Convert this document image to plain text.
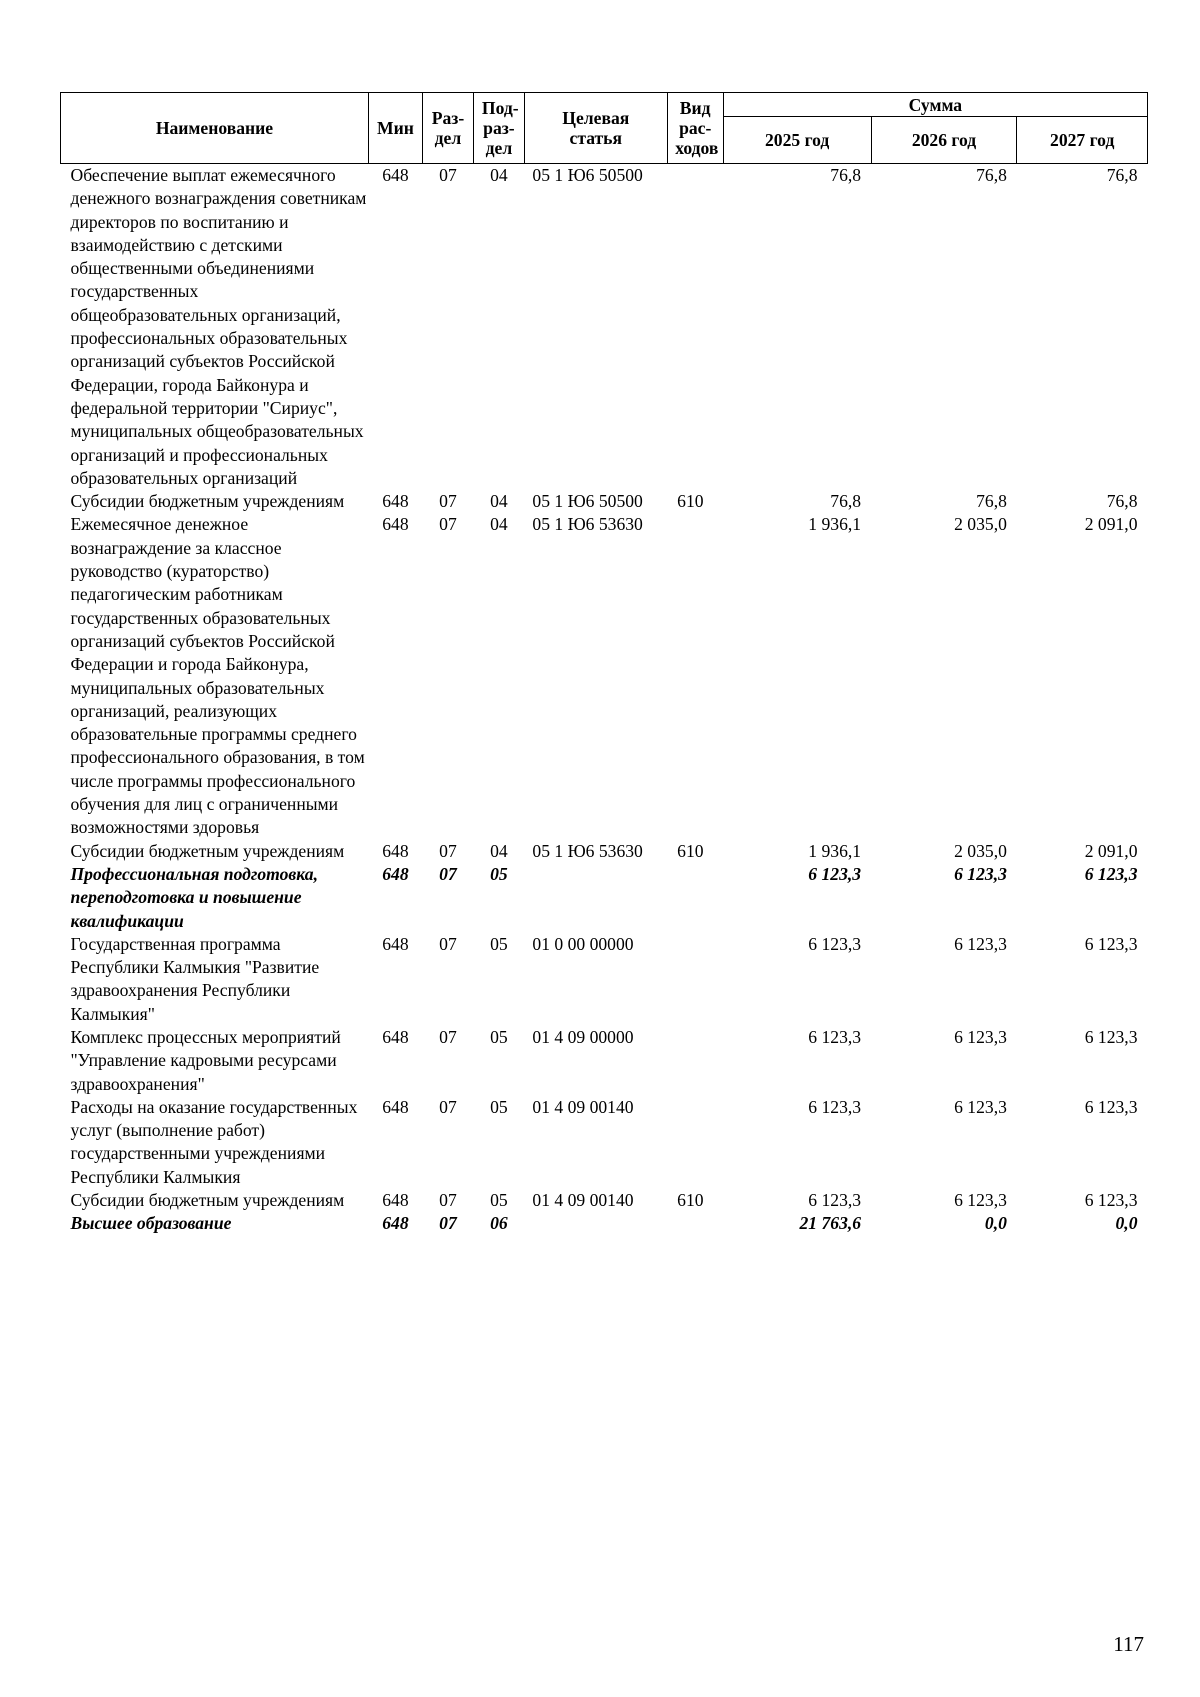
Наименование	Мин	Раз-дел	Под-раз-дел	Целевая статья	Вид рас-ходов	Сумма		
						2025 год	2026 год	2027 год
Обеспечение выплат ежемесячного денежного вознаграждения советникам директоров по воспитанию и взаимодействию с детскими общественными объединениями государственных общеобразовательных организаций, профессиональных образовательных организаций субъектов Российской Федерации, города Байконура и федеральной территории "Сириус", муниципальных общеобразовательных организаций и профессиональных образовательных организаций	648	07	04	05 1 Ю6 50500		76,8	76,8	76,8
Субсидии бюджетным учреждениям	648	07	04	05 1 Ю6 50500	610	76,8	76,8	76,8
Ежемесячное денежное вознаграждение за классное руководство (кураторство) педагогическим работникам государственных образовательных организаций субъектов Российской Федерации и города Байконура, муниципальных образовательных организаций, реализующих образовательные программы среднего профессионального образования, в том числе программы профессионального обучения для лиц с ограниченными возможностями здоровья	648	07	04	05 1 Ю6 53630		1 936,1	2 035,0	2 091,0
Субсидии бюджетным учреждениям	648	07	04	05 1 Ю6 53630	610	1 936,1	2 035,0	2 091,0
Профессиональная подготовка, переподготовка и повышение квалификации	648	07	05			6 123,3	6 123,3	6 123,3
Государственная программа Республики Калмыкия "Развитие здравоохранения Республики Калмыкия"	648	07	05	01 0 00 00000		6 123,3	6 123,3	6 123,3
Комплекс процессных мероприятий "Управление кадровыми ресурсами здравоохранения"	648	07	05	01 4 09 00000		6 123,3	6 123,3	6 123,3
Расходы на оказание государственных услуг (выполнение работ) государственными учреждениями Республики Калмыкия	648	07	05	01 4 09 00140		6 123,3	6 123,3	6 123,3
Субсидии бюджетным учреждениям	648	07	05	01 4 09 00140	610	6 123,3	6 123,3	6 123,3
Высшее образование	648	07	06			21 763,6	0,0	0,0
117
